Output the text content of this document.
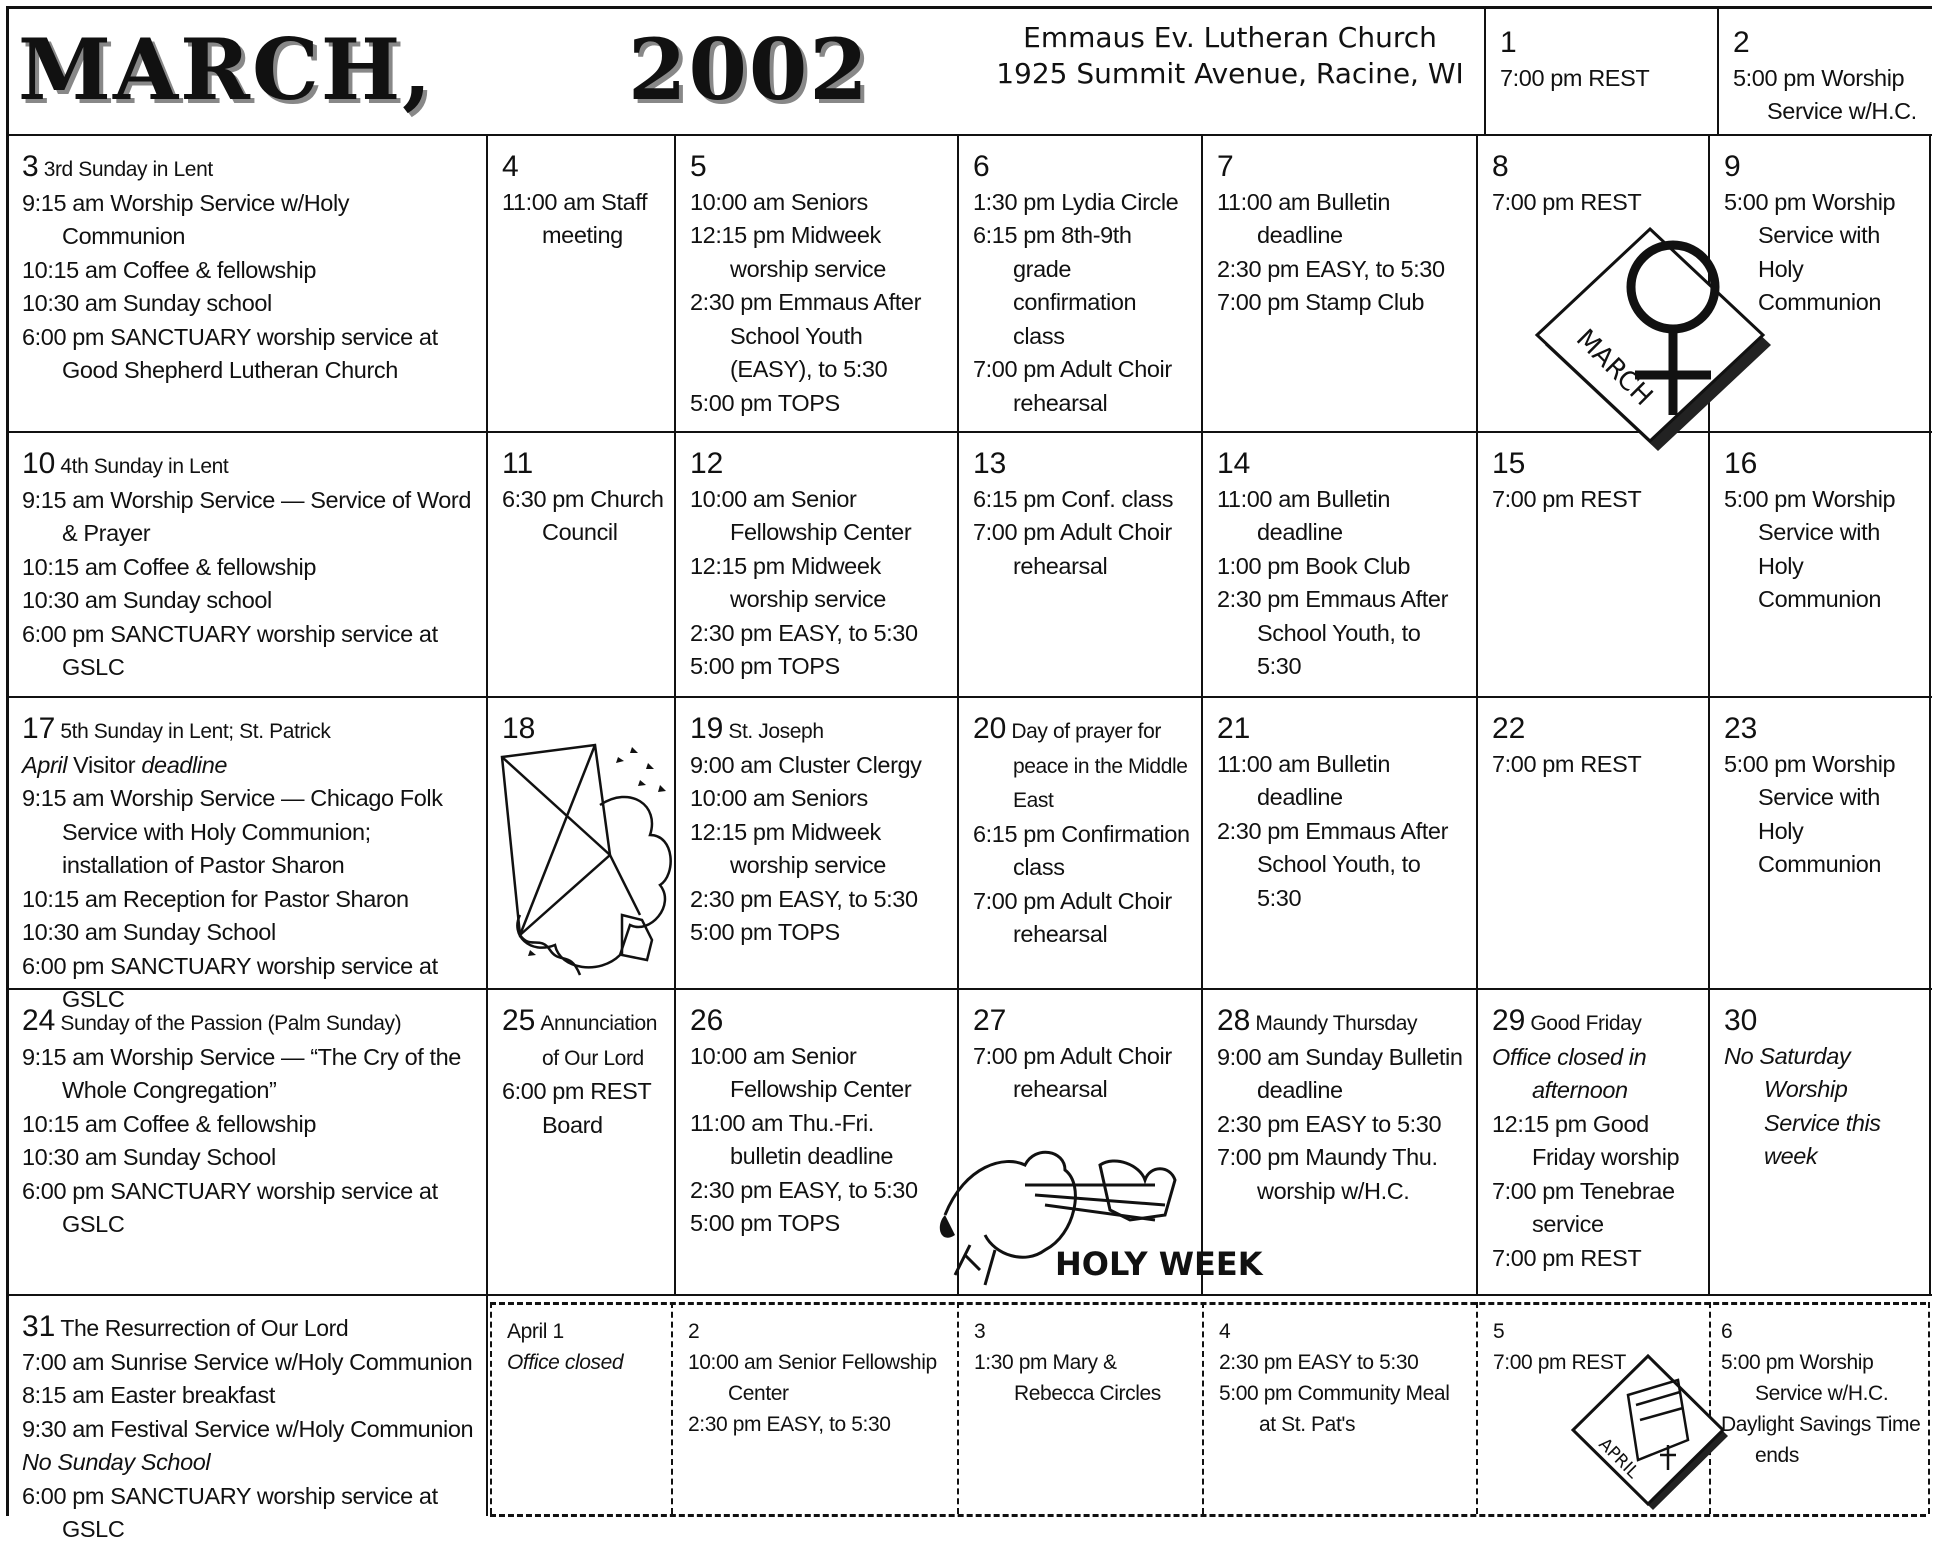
MARCH, 2002	Emmaus Ev. Lutheran Church
1925 Summit Avenue, Racine, WI
1

7:00 pm REST
2

5:00 pm Worship Service w/H.C.
3 3rd Sunday in Lent
9:15 am Worship Service w/Holy Communion
10:15 am Coffee & fellowship
10:30 am Sunday school
6:00 pm SANCTUARY worship service at Good Shepherd Lutheran Church
4

11:00 am Staff meeting
5

10:00 am Seniors
12:15 pm Midweek worship service
2:30 pm Emmaus After School Youth (EASY), to 5:30
5:00 pm TOPS
6

1:30 pm Lydia Circle
6:15 pm 8th-9th grade confirmation class
7:00 pm Adult Choir rehearsal
7

11:00 am Bulletin deadline
2:30 pm EASY, to 5:30
7:00 pm Stamp Club
8

7:00 pm REST
9

5:00 pm Worship Service with Holy Communion
10 4th Sunday in Lent
9:15 am Worship Service — Service of Word & Prayer
10:15 am Coffee & fellowship
10:30 am Sunday school
6:00 pm SANCTUARY worship service at GSLC
11

6:30 pm Church Council
12

10:00 am Senior Fellowship Center
12:15 pm Midweek worship service
2:30 pm EASY, to 5:30
5:00 pm TOPS
13

6:15 pm Conf. class
7:00 pm Adult Choir rehearsal
14

11:00 am Bulletin deadline
1:00 pm Book Club
2:30 pm Emmaus After School Youth, to 5:30
15

7:00 pm REST
16

5:00 pm Worship Service with Holy Communion
17 5th Sunday in Lent; St. Patrick
April Visitor deadline
9:15 am Worship Service — Chicago Folk Service with Holy Communion; installation of Pastor Sharon
10:15 am Reception for Pastor Sharon
10:30 am Sunday School
6:00 pm SANCTUARY worship service at GSLC
18	19 St. Joseph
9:00 am Cluster Clergy
10:00 am Seniors
12:15 pm Midweek worship service
2:30 pm EASY, to 5:30
5:00 pm TOPS
20 Day of prayer for peace in the Middle East
6:15 pm Confirmation class
7:00 pm Adult Choir rehearsal
21

11:00 am Bulletin deadline
2:30 pm Emmaus After School Youth, to 5:30
22

7:00 pm REST
23

5:00 pm Worship Service with Holy Communion
24 Sunday of the Passion (Palm Sunday)
9:15 am Worship Service — “The Cry of the Whole Congregation”
10:15 am Coffee & fellowship
10:30 am Sunday School
6:00 pm SANCTUARY worship service at GSLC
25 Annunciation of Our Lord
6:00 pm REST Board
26

10:00 am Senior Fellowship Center
11:00 am Thu.-Fri. bulletin deadline
2:30 pm EASY, to 5:30
5:00 pm TOPS
27

7:00 pm Adult Choir rehearsal
28 Maundy Thursday
9:00 am Sunday Bulletin deadline
2:30 pm EASY to 5:30
7:00 pm Maundy Thu. worship w/H.C.
29 Good Friday
Office closed in afternoon
12:15 pm Good Friday worship
7:00 pm Tenebrae service
7:00 pm REST
30

No Saturday Worship Service this week
31 The Resurrection of Our Lord
7:00 am Sunrise Service w/Holy Communion
8:15 am Easter breakfast
9:30 am Festival Service w/Holy Communion
No Sunday School
6:00 pm SANCTUARY worship service at GSLC
April 1

Office closed
2

10:00 am Senior Fellowship Center
2:30 pm EASY, to 5:30
3

1:30 pm Mary & Rebecca Circles
4

2:30 pm EASY to 5:30
5:00 pm Community Meal at St. Pat's
5

7:00 pm REST
6

5:00 pm Worship Service w/H.C.
Daylight Savings Time ends
MARCH
HOLY WEEK
APRIL
